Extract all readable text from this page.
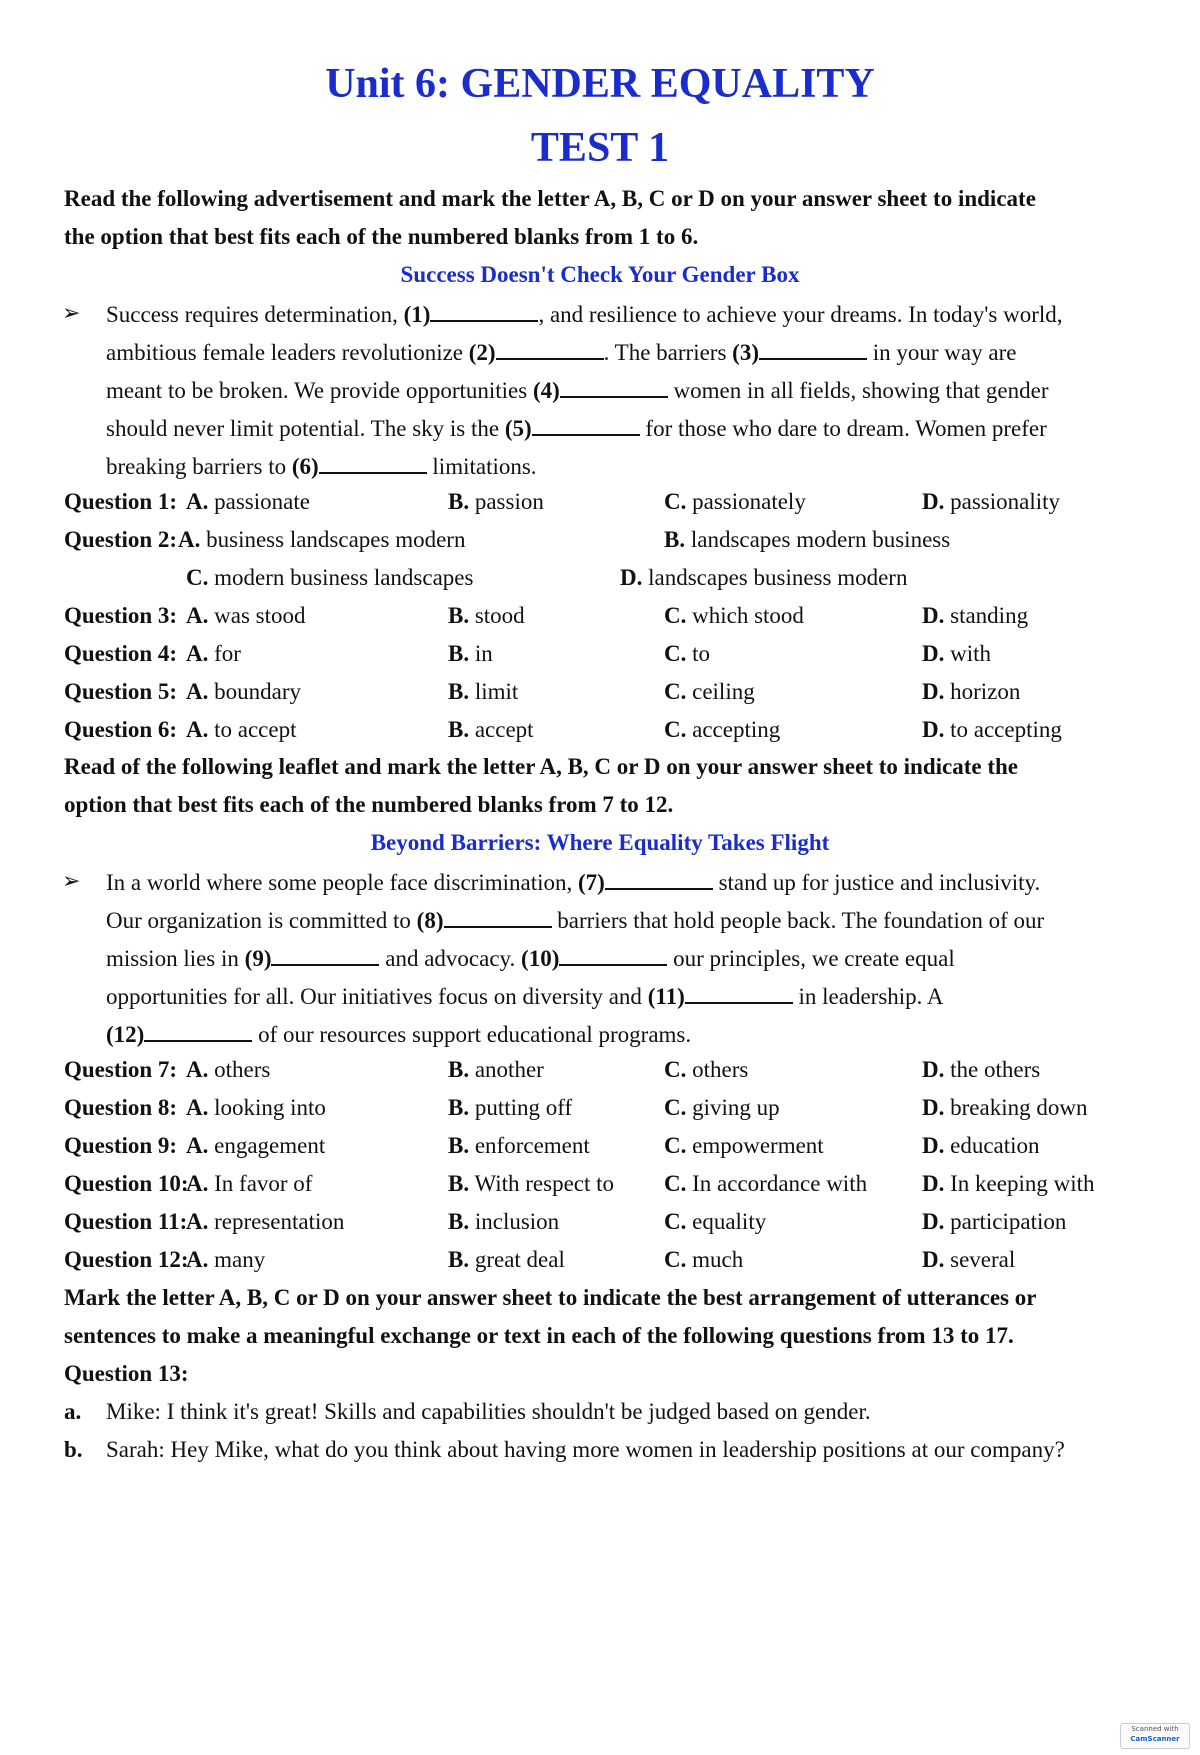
Unit 6: GENDER EQUALITY
TEST 1
Read the following advertisement and mark the letter A, B, C or D on your answer sheet to indicate
the option that best fits each of the numbered blanks from 1 to 6.
Success Doesn't Check Your Gender Box
➢ Success requires determination, (1)	, and resilience to achieve your dreams. In today's world,
ambitious female leaders revolutionize (2)	. The barriers (3)	in your way are
meant to be broken. We provide opportunities (4)	women in all fields, showing that gender
should never limit potential. The sky is the (5)	for those who dare to dream. Women prefer
breaking barriers to (6)	limitations.
Question 1: A. passionate	B. passion	C. passionately	D. passionality
Question 3: A. was stood	B. stood	C. which stood	D. standing
Question 4: A. for	B. in	C. to	D. with
Question 5: A. boundary	B. limit	C. ceiling	D. horizon
Question 6: A. to accept	B. accept	C. accepting	D. to accepting
Question 2: A. business landscapes modern	B. landscapes modern business
C. modern business landscapes	D. landscapes business modern
Read of the following leaflet and mark the letter A, B, C or D on your answer sheet to indicate the
option that best fits each of the numbered blanks from 7 to 12.
Beyond Barriers: Where Equality Takes Flight
➢ In a world where some people face discrimination, (7)	stand up for justice and inclusivity.
Our organization is committed to (8)	barriers that hold people back. The foundation of our
mission lies in (9)	and advocacy. (10)	our principles, we create equal
opportunities for all. Our initiatives focus on diversity and (11)	in leadership. A
(12)	of our resources support educational programs.
Question 7: A. others	B. another	C. others	D. the others
Question 8: A. looking into	B. putting off	C. giving up	D. breaking down
Question 9: A. engagement	B. enforcement	C. empowerment	D. education
Question 10:
A. In favor of	B. With respect to C. In accordance with D. In keeping with
Question 11:
A. representation	B. inclusion	C. equality	D. participation
Question 12:
A. many	B. great deal	C. much	D. several
Mark the letter A, B, C or D on your answer sheet to indicate the best arrangement of utterances or
sentences to make a meaningful exchange or text in each of the following questions from 13 to 17.
Question 13:
a. Mike: I think it's great! Skills and capabilities shouldn't be judged based on gender.
b. Sarah: Hey Mike, what do you think about having more women in leadership positions at our company?
Scanned with
CamScanner
